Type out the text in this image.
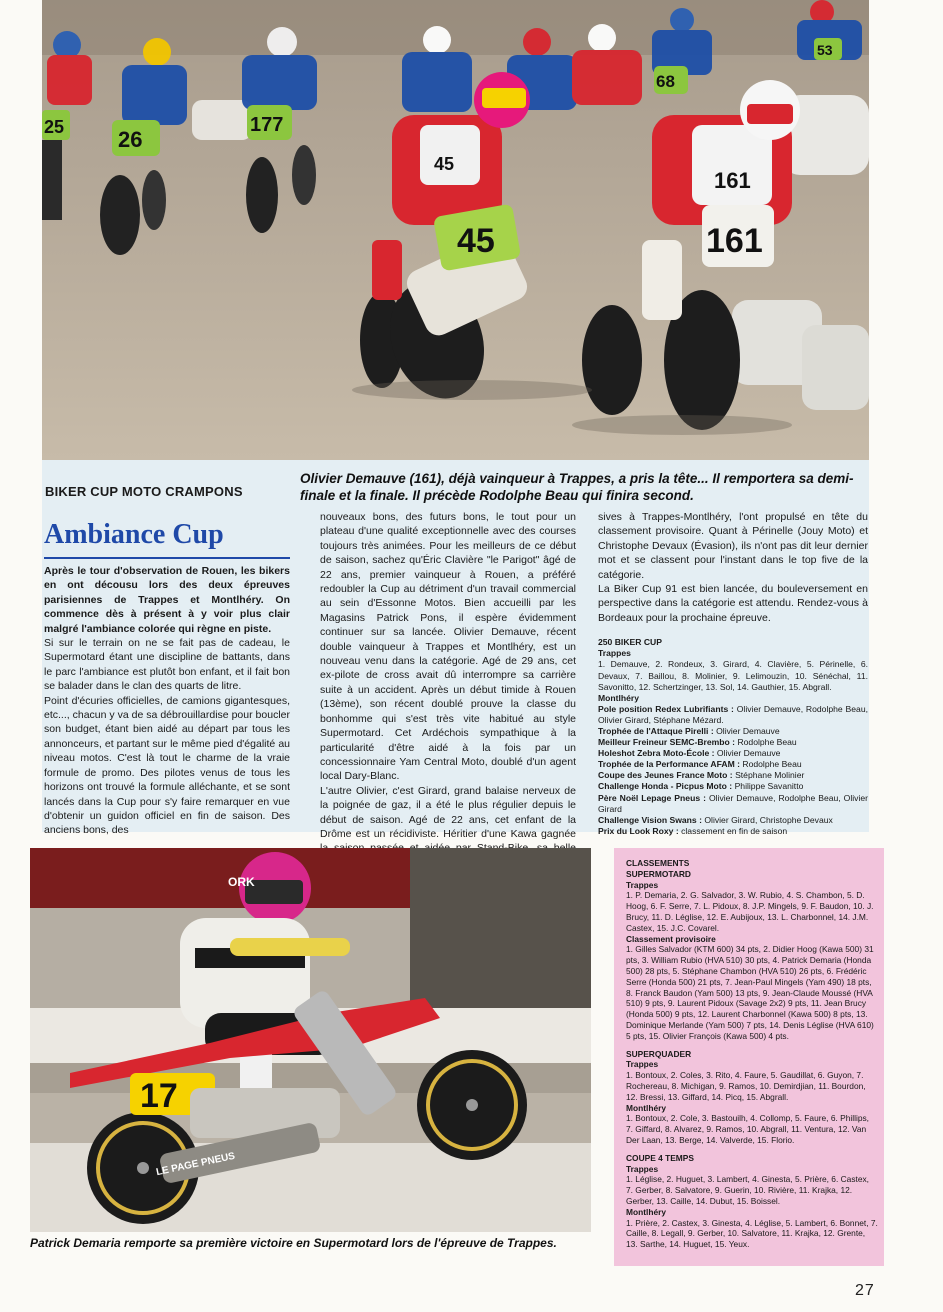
25 26
177
68
53
45
45
161
161
Olivier Demauve (161), déjà vainqueur à Trappes, a pris la tête... Il remportera sa demi-finale et la finale. Il précède Rodolphe Beau qui finira second.
BIKER CUP MOTO CRAMPONS
Ambiance Cup

Après le tour d'observation de Rouen, les bikers en ont décousu lors des deux épreuves parisiennes de Trappes et Montlhéry. On commence dès à présent à y voir plus clair malgré l'ambiance colorée qui règne en piste.

Si sur le terrain on ne se fait pas de cadeau, le Supermotard étant une discipline de battants, dans le parc l'ambiance est plutôt bon enfant, et il fait bon se balader dans le clan des quarts de litre.

Point d'écuries officielles, de camions gigantesques, etc..., chacun y va de sa débrouillardise pour boucler son budget, étant bien aidé au départ par tous les annonceurs, et partant sur le même pied d'égalité au niveau motos. C'est là tout le charme de la vraie formule de promo. Des pilotes venus de tous les horizons ont trouvé la formule alléchante, et se sont lancés dans la Cup pour s'y faire remarquer en vue d'obtenir un guidon officiel en fin de saison. Des anciens bons, des

nouveaux bons, des futurs bons, le tout pour un plateau d'une qualité exceptionnelle avec des courses toujours très animées. Pour les meilleurs de ce début de saison, sachez qu'Éric Clavière "le Parigot" âgé de 22 ans, premier vainqueur à Rouen, a préféré redoubler la Cup au détriment d'un travail commercial au sein d'Essonne Motos. Bien accueilli par les Magasins Patrick Pons, il espère évidemment continuer sur sa lancée. Olivier Demauve, récent double vainqueur à Trappes et Montlhéry, est un nouveau venu dans la catégorie. Agé de 29 ans, cet ex-pilote de cross avait dû interrompre sa carrière suite à un accident. Après un début timide à Rouen (13ème), son récent doublé prouve la classe du bonhomme qui s'est très vite habitué au style Supermotard. Cet Ardéchois sympathique à la particularité d'être aidé à la fois par un concessionnaire Yam Central Moto, doublé d'un agent local Dary-Blanc.

L'autre Olivier, c'est Girard, grand balaise nerveux de la poignée de gaz, il a été le plus régulier depuis le début de saison. Agé de 22 ans, cet enfant de la Drôme est un récidiviste. Héritier d'une Kawa gagnée

sives à Trappes-Montlhéry, l'ont propulsé en tête du classement provisoire. Quant à Périnelle (Jouy Moto) et Christophe Devaux (Évasion), ils n'ont pas dit leur dernier mot et se classent pour l'instant dans le top five de la catégorie.

La Biker Cup 91 est bien lancée, du bouleversement en perspective dans la catégorie est attendu. Rendez-vous à Bordeaux pour la prochaine épreuve.

250 BIKER CUP
Trappes
1. Demauve, 2. Rondeux, 3. Girard, 4. Clavière, 5. Périnelle, 6. Devaux, 7. Baillou, 8. Molinier, 9. Lelimouzin, 10. Sénéchal, 11. Savonitto, 12. Schertzinger, 13. Sol, 14. Gauthier, 15. Abgrall.
Montlhéry
Pole position Redex Lubrifiants : Olivier Demauve, Rodolphe Beau, Olivier Girard, Stéphane Mézard.
Trophée de l'Attaque Pirelli : Olivier Demauve
Meilleur Freineur SEMC-Brembo : Rodolphe Beau
Holeshot Zebra Moto-École : Olivier Demauve
Trophée de la Performance AFAM : Rodolphe Beau
Coupe des Jeunes France Moto : Stéphane Molinier
Challenge Honda - Picpus Moto : Philippe Savanitto
Père Noël Lepage Pneus : Olivier Demauve, Rodolphe Beau, Olivier Girard
Challenge Vision Swans : Olivier Girard, Christophe Devaux
Prix du Look Roxy : classement en fin de saison
ORK
17
LE PAGE PNEUS
Patrick Demaria remporte sa première victoire en Supermotard lors de l'épreuve de Trappes.
CLASSEMENTS
SUPERMOTARD
Trappes
1. P. Demaria, 2. G. Salvador, 3. W. Rubio, 4. S. Chambon, 5. D. Hoog, 6. F. Serre, 7. L. Pidoux, 8. J.P. Mingels, 9. F. Baudon, 10. J. Brucy, 11. D. Léglise, 12. E. Aubijoux, 13. L. Charbonnel, 14. J.M. Castex, 15. J.C. Covarel.
Classement provisoire
1. Gilles Salvador (KTM 600) 34 pts, 2. Didier Hoog (Kawa 500) 31 pts, 3. William Rubio (HVA 510) 30 pts, 4. Patrick Demaria (Honda 500) 28 pts, 5. Stéphane Chambon (HVA 510) 26 pts, 6. Frédéric Serre (Honda 500) 21 pts, 7. Jean-Paul Mingels (Yam 490) 18 pts, 8. Franck Baudon (Yam 500) 13 pts, 9. Jean-Claude Moussé (HVA 510) 9 pts, 9. Laurent Pidoux (Savage 2x2) 9 pts, 11. Jean Brucy (Honda 500) 9 pts, 12. Laurent Charbonnel (Kawa 500) 8 pts, 13. Dominique Merlande (Yam 500) 7 pts, 14. Denis Léglise (HVA 610) 5 pts, 15. Olivier François (Kawa 500) 4 pts.
SUPERQUADER
Trappes
1. Bontoux, 2. Coles, 3. Rito, 4. Faure, 5. Gaudillat, 6. Guyon, 7. Rochereau, 8. Michigan, 9. Ramos, 10. Demirdjian, 11. Bourdon, 12. Bressi, 13. Giffard, 14. Picq, 15. Abgrall.
Montlhéry
1. Bontoux, 2. Cole, 3. Bastouilh, 4. Collomp, 5. Faure, 6. Phillips, 7. Giffard, 8. Alvarez, 9. Ramos, 10. Abgrall, 11. Ventura, 12. Van Der Laan, 13. Berge, 14. Valverde, 15. Florio.
COUPE 4 TEMPS
Trappes
1. Léglise, 2. Huguet, 3. Lambert, 4. Ginesta, 5. Prière, 6. Castex, 7. Gerber, 8. Salvatore, 9. Guerin, 10. Rivière, 11. Krajka, 12. Gerber, 13. Caille, 14. Dubut, 15. Boissel.
Montlhéry
1. Prière, 2. Castex, 3. Ginesta, 4. Léglise, 5. Lambert, 6. Bonnet, 7. Caille, 8. Legall, 9. Gerber, 10. Salvatore, 11. Krajka, 12. Grente, 13. Sarthe, 14. Huguet, 15. Yeux.
27
